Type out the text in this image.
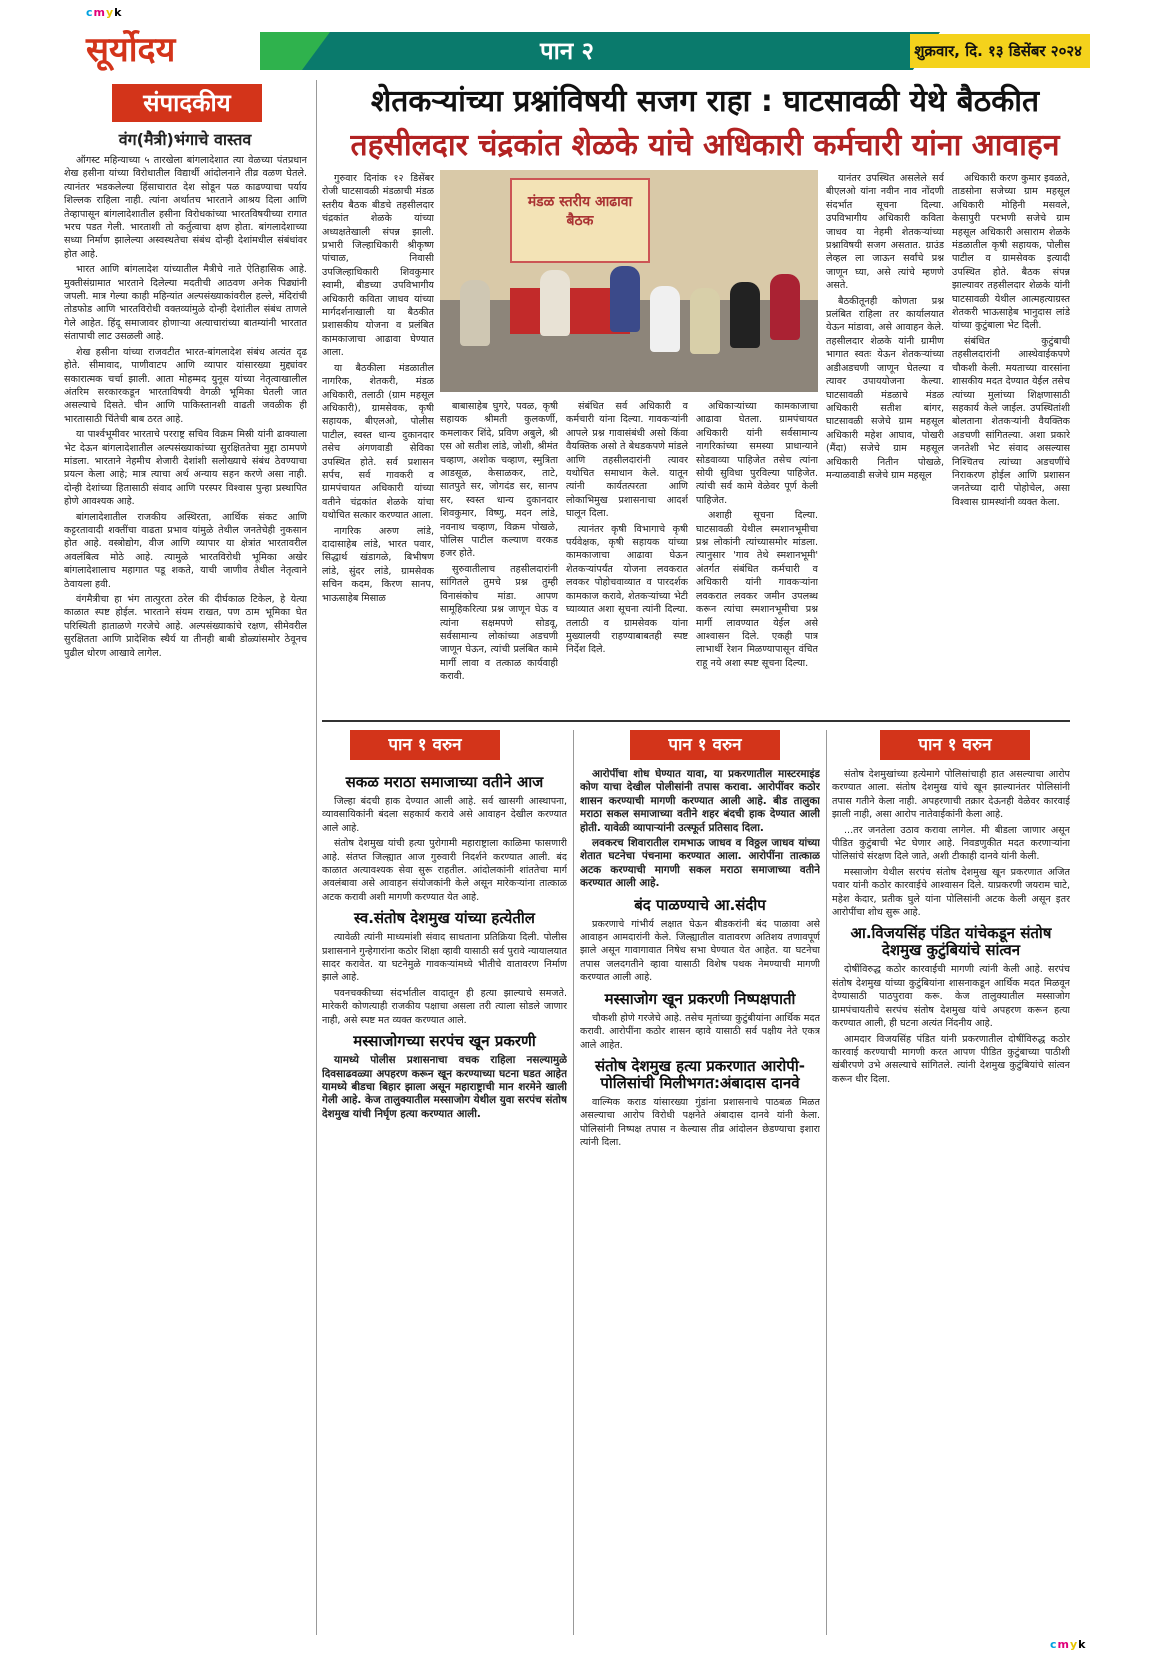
cmyk
सूर्योदय	पान २	शुक्रवार, दि. १३ डिसेंबर २०२४
संपादकीय
वंग(मैत्री)भंगाचे वास्तव

ऑगस्ट महिन्याच्या ५ तारखेला बांगलादेशात त्या वेळच्या पंतप्रधान शेख हसीना यांच्या विरोधातील विद्यार्थी आंदोलनाने तीव्र वळण घेतले. त्यानंतर भडकलेल्या हिंसाचारात देश सोडून पळ काढण्याचा पर्याय शिल्लक राहिला नाही. त्यांना अर्थातच भारताने आश्रय दिला आणि तेव्हापासून बांगलादेशातील हसीना विरोधकांच्या भारतविषयीच्या रागात भरच पडत गेली. भारताशी तो कर्तुत्वाचा क्षण होता. बांगलादेशाच्या सध्या निर्माण झालेल्या अस्वस्थतेचा संबंध दोन्ही देशांमधील संबंधांवर होत आहे.

भारत आणि बांगलादेश यांच्यातील मैत्रीचे नाते ऐतिहासिक आहे. मुक्तीसंग्रामात भारताने दिलेल्या मदतीची आठवण अनेक पिढ्यांनी जपली. मात्र गेल्या काही महिन्यांत अल्पसंख्याकांवरील हल्ले, मंदिरांची तोडफोड आणि भारतविरोधी वक्तव्यांमुळे दोन्ही देशांतील संबंध ताणले गेले आहेत. हिंदू समाजावर होणाऱ्या अत्याचारांच्या बातम्यांनी भारतात संतापाची लाट उसळली आहे.

शेख हसीना यांच्या राजवटीत भारत-बांगलादेश संबंध अत्यंत दृढ होते. सीमावाद, पाणीवाटप आणि व्यापार यांसारख्या मुद्द्यांवर सकारात्मक चर्चा झाली. आता मोहम्मद युनूस यांच्या नेतृत्वाखालील अंतरिम सरकारकडून भारताविषयी वेगळी भूमिका घेतली जात असल्याचे दिसते. चीन आणि पाकिस्तानशी वाढती जवळीक ही भारतासाठी चिंतेची बाब ठरत आहे.

या पार्श्वभूमीवर भारताचे परराष्ट्र सचिव विक्रम मिस्री यांनी ढाक्याला भेट देऊन बांगलादेशातील अल्पसंख्याकांच्या सुरक्षिततेचा मुद्दा ठामपणे मांडला. भारताने नेहमीच शेजारी देशांशी सलोख्याचे संबंध ठेवण्याचा प्रयत्न केला आहे; मात्र त्याचा अर्थ अन्याय सहन करणे असा नाही. दोन्ही देशांच्या हितासाठी संवाद आणि परस्पर विश्वास पुन्हा प्रस्थापित होणे आवश्यक आहे.

बांगलादेशातील राजकीय अस्थिरता, आर्थिक संकट आणि कट्टरतावादी शक्तींचा वाढता प्रभाव यांमुळे तेथील जनतेचेही नुकसान होत आहे. वस्त्रोद्योग, वीज आणि व्यापार या क्षेत्रांत भारतावरील अवलंबित्व मोठे आहे. त्यामुळे भारतविरोधी भूमिका अखेर बांगलादेशालाच महागात पडू शकते, याची जाणीव तेथील नेतृत्वाने ठेवायला हवी.

वंगमैत्रीचा हा भंग तात्पुरता ठरेल की दीर्घकाळ टिकेल, हे येत्या काळात स्पष्ट होईल. भारताने संयम राखत, पण ठाम भूमिका घेत परिस्थिती हाताळणे गरजेचे आहे. अल्पसंख्याकांचे रक्षण, सीमेवरील सुरक्षितता आणि प्रादेशिक स्थैर्य या तीनही बाबी डोळ्यांसमोर ठेवूनच पुढील धोरण आखावे लागेल.

शेतकऱ्यांच्या प्रश्नांविषयी सजग राहा : घाटसावळी येथे बैठकीत
तहसीलदार चंद्रकांत शेळके यांचे अधिकारी कर्मचारी यांना आवाहन

गुरुवार दिनांक १२ डिसेंबर रोजी घाटसावळी मंडळाची मंडळ स्तरीय बैठक बीडचे तहसीलदार चंद्रकांत शेळके यांच्या अध्यक्षतेखाली संपन्न झाली. प्रभारी जिल्हाधिकारी श्रीकृष्ण पांचाळ, निवासी उपजिल्हाधिकारी शिवकुमार स्वामी, बीडच्या उपविभागीय अधिकारी कविता जाधव यांच्या मार्गदर्शनाखाली या बैठकीत प्रशासकीय योजना व प्रलंबित कामकाजाचा आढावा घेण्यात आला.

या बैठकीला मंडळातील नागरिक, शेतकरी, मंडळ अधिकारी, तलाठी (ग्राम महसूल अधिकारी), ग्रामसेवक, कृषी सहायक, बीएलओ, पोलीस पाटील, स्वस्त धान्य दुकानदार तसेच अंगणवाडी सेविका उपस्थित होते. सर्व प्रशासन सर्पच, सर्व गावकरी व ग्रामपंचायत अधिकारी यांच्या वतीने चंद्रकांत शेळके यांचा यथोचित सत्कार करण्यात आला.

नागरिक अरुण लांडे, दादासाहेब लांडे, भारत पवार, सिद्धार्थ खंडागळे, बिभीषण लांडे, सुंदर लांडे, ग्रामसेवक सचिन कदम, किरण सानप, भाऊसाहेब मिसाळ

मंडळ स्तरीय आढावा बैठक

बाबासाहेब घुगरे, पवळ, कृषी सहायक श्रीमती कुलकर्णी, कमलाकर शिंदे, प्रविण अबुले, श्री एस ओ सतीश लांडे, जोशी, श्रीमंत चव्हाण, अशोक चव्हाण, स्मुत्रिता आडसूळ, केसाळकर, ताटे, सातपुते सर, जोगदंड सर, सानप सर, स्वस्त धान्य दुकानदार शिवकुमार, विष्णु, मदन लांडे, नवनाथ चव्हाण, विक्रम पोखळे, पोलिस पाटील कल्याण वरकड हजर होते.

सुरुवातीलाच तहसीलदारांनी सांगितले तुमचे प्रश्न तुम्ही विनासंकोच मांडा. आपण सामूहिकरित्या प्रश्न जाणून घेऊ व त्यांना सक्षमपणे सोडवू, सर्वसामान्य लोकांच्या अडचणी जाणून घेऊन, त्यांची प्रलंबित कामे मार्गी लावा व तत्काळ कार्यवाही करावी.

संबंधित सर्व अधिकारी व कर्मचारी यांना दिल्या. गावकऱ्यांनी आपले प्रश्न गावासंबंधी असो किंवा वैयक्तिक असो ते बेधडकपणे मांडले आणि तहसीलदारांनी त्यावर यथोचित समाधान केले. यातून त्यांनी कार्यतत्परता आणि लोकाभिमुख प्रशासनाचा आदर्श घालून दिला.

त्यानंतर कृषी विभागाचे कृषी पर्यवेक्षक, कृषी सहायक यांच्या कामकाजाचा आढावा घेऊन शेतकऱ्यांपर्यंत योजना लवकरात लवकर पोहोचवाव्यात व पारदर्शक कामकाज करावे, शेतकऱ्यांच्या भेटी घ्याव्यात अशा सूचना त्यांनी दिल्या. तलाठी व ग्रामसेवक यांना मुख्यालयी राहण्याबाबतही स्पष्ट निर्देश दिले.

अधिकाऱ्यांच्या कामकाजाचा आढावा घेतला. ग्रामपंचायत अधिकारी यांनी सर्वसामान्य नागरिकांच्या समस्या प्राधान्याने सोडवाव्या पाहिजेत तसेच त्यांना सोयी सुविधा पुरविल्या पाहिजेत. त्यांची सर्व कामे वेळेवर पूर्ण केली पाहिजेत.

अशाही सूचना दिल्या. घाटसावळी येथील स्मशानभूमीचा प्रश्न लोकांनी त्यांच्यासमोर मांडला. त्यानुसार 'गाव तेथे स्मशानभूमी' अंतर्गत संबंधित कर्मचारी व अधिकारी यांनी गावकऱ्यांना लवकरात लवकर जमीन उपलब्ध करून त्यांचा स्मशानभूमीचा प्रश्न मार्गी लावण्यात येईल असे आश्वासन दिले. एकही पात्र लाभार्थी रेशन मिळण्यापासून वंचित राहू नये अशा स्पष्ट सूचना दिल्या.

यानंतर उपस्थित असलेले सर्व बीएलओ यांना नवीन नाव नोंदणी संदर्भात सूचना दिल्या. उपविभागीय अधिकारी कविता जाधव या नेहमी शेतकऱ्यांच्या प्रश्नाविषयी सजग असतात. ग्राउंड लेव्हल ला जाऊन सर्वांचे प्रश्न जाणून घ्या, असे त्यांचे म्हणणे असते.

बैठकीतूनही कोणता प्रश्न प्रलंबित राहिला तर कार्यालयात येऊन मांडावा, असे आवाहन केले. तहसीलदार शेळके यांनी ग्रामीण भागात स्वतः येऊन शेतकऱ्यांच्या अडीअडचणी जाणून घेतल्या व त्यावर उपाययोजना केल्या. घाटसावळी मंडळाचे मंडळ अधिकारी सतीश बांगर, घाटसावळी सजेचे ग्राम महसूल अधिकारी महेश आघाव, पोखरी (मैंदा) सजेचे ग्राम महसूल अधिकारी नितीन पोखळे, मन्याळवाडी सजेचे ग्राम महसूल

अधिकारी करण कुमार इवळते, ताडसोना सजेच्या ग्राम महसूल अधिकारी मोहिनी मसवले, केसापुरी परभणी सजेचे ग्राम महसूल अधिकारी असाराम शेळके मंडळातील कृषी सहायक, पोलीस पाटील व ग्रामसेवक इत्यादी उपस्थित होते. बैठक संपन्न झाल्यावर तहसीलदार शेळके यांनी घाटसावळी येथील आत्महत्याग्रस्त शेतकरी भाऊसाहेब भानुदास लांडे यांच्या कुटुंबाला भेट दिली.

संबंधित कुटुंबाची तहसीलदारांनी आस्थेवाईकपणे चौकशी केली. मयताच्या वारसांना शासकीय मदत देण्यात येईल तसेच त्यांच्या मुलांच्या शिक्षणासाठी सहकार्य केले जाईल. उपस्थितांशी बोलताना शेतकऱ्यांनी वैयक्तिक अडचणी सांगितल्या. अशा प्रकारे जनतेशी भेट संवाद असल्यास निश्चितच त्यांच्या अडचणींचे निराकरण होईल आणि प्रशासन जनतेच्या दारी पोहोचेल, असा विश्वास ग्रामस्थांनी व्यक्त केला.

पान १ वरुन	पान १ वरुन	पान १ वरुन
सकळ मराठा समाजाच्या वतीने आज

जिल्हा बंदची हाक देण्यात आली आहे. सर्व खासगी आस्थापना, व्यावसायिकांनी बंदला सहकार्य करावे असे आवाहन देखील करण्यात आले आहे.

संतोष देशमुख यांची हत्या पुरोगामी महाराष्ट्राला काळिमा फासणारी आहे. संतप्त जिल्ह्यात आज गुरुवारी निदर्शने करण्यात आली. बंद काळात अत्यावश्यक सेवा सुरू राहतील. आंदोलकांनी शांततेचा मार्ग अवलंबावा असे आवाहन संयोजकांनी केले असून मारेकऱ्यांना तात्काळ अटक करावी अशी मागणी करण्यात येत आहे.

स्व.संतोष देशमुख यांच्या हत्येतील

त्यावेळी त्यांनी माध्यमांशी संवाद साधताना प्रतिक्रिया दिली. पोलीस प्रशासनाने गुन्हेगारांना कठोर शिक्षा व्हावी यासाठी सर्व पुरावे न्यायालयात सादर करावेत. या घटनेमुळे गावकऱ्यांमध्ये भीतीचे वातावरण निर्माण झाले आहे.

पवनचक्कीच्या संदर्भातील वादातून ही हत्या झाल्याचे समजते. मारेकरी कोणत्याही राजकीय पक्षाचा असला तरी त्याला सोडले जाणार नाही, असे स्पष्ट मत व्यक्त करण्यात आले.

मस्साजोगच्या सरपंच खून प्रकरणी

यामध्ये पोलीस प्रशासनाचा वचक राहिला नसल्यामुळे दिवसाढवळ्या अपहरण करून खून करण्याच्या घटना घडत आहेत यामध्ये बीडचा बिहार झाला असून महाराष्ट्राची मान शरमेने खाली गेली आहे. केज तालुक्यातील मस्साजोग येथील युवा सरपंच संतोष देशमुख यांची निर्घृण हत्या करण्यात आली.

आरोपींचा शोध घेण्यात यावा, या प्रकरणातील मास्टरमाइंड कोण याचा देखील पोलीसांनी तपास करावा. आरोपींवर कठोर शासन करण्याची मागणी करण्यात आली आहे. बीड तालुका मराठा सकल समाजाच्या वतीने शहर बंदची हाक देण्यात आली होती. यावेळी व्यापाऱ्यांनी उत्स्फूर्त प्रतिसाद दिला.

लवकरच शिवारातील रामभाऊ जाधव व विठ्ठल जाधव यांच्या शेतात घटनेचा पंचनामा करण्यात आला. आरोपींना तात्काळ अटक करण्याची मागणी सकल मराठा समाजाच्या वतीने करण्यात आली आहे.

बंद पाळण्याचे आ.संदीप

प्रकरणाचे गांभीर्य लक्षात घेऊन बीडकरांनी बंद पाळावा असे आवाहन आमदारांनी केले. जिल्ह्यातील वातावरण अतिशय तणावपूर्ण झाले असून गावागावात निषेध सभा घेण्यात येत आहेत. या घटनेचा तपास जलदगतीने व्हावा यासाठी विशेष पथक नेमण्याची मागणी करण्यात आली आहे.

मस्साजोग खून प्रकरणी निष्पक्षपाती

चौकशी होणे गरजेचे आहे. तसेच मृतांच्या कुटुंबीयांना आर्थिक मदत करावी. आरोपींना कठोर शासन व्हावे यासाठी सर्व पक्षीय नेते एकत्र आले आहेत.

संतोष देशमुख हत्या प्रकरणात आरोपी-पोलिसांची मिलीभगत:अंबादास दानवे

वाल्मिक कराड यांसारख्या गुंडांना प्रशासनाचे पाठबळ मिळत असल्याचा आरोप विरोधी पक्षनेते अंबादास दानवे यांनी केला. पोलिसांनी निष्पक्ष तपास न केल्यास तीव्र आंदोलन छेडण्याचा इशारा त्यांनी दिला.

संतोष देशमुखांच्या हत्येमागे पोलिसांचाही हात असल्याचा आरोप करण्यात आला. संतोष देशमुख यांचे खून झाल्यानंतर पोलिसांनी तपास गतीने केला नाही. अपहरणाची तक्रार देऊनही वेळेवर कारवाई झाली नाही, असा आरोप नातेवाईकांनी केला आहे.

...तर जनतेला उठाव करावा लागेल. मी बीडला जाणार असून पीडित कुटुंबाची भेट घेणार आहे. निवडणुकीत मदत करणाऱ्यांना पोलिसांचे संरक्षण दिले जाते, अशी टीकाही दानवे यांनी केली.

मस्साजोग येथील सरपंच संतोष देशमुख खून प्रकरणात अजित पवार यांनी कठोर कारवाईचे आश्वासन दिले. याप्रकरणी जयराम चाटे, महेश केदार, प्रतीक घुले यांना पोलिसांनी अटक केली असून इतर आरोपींचा शोध सुरू आहे.

आ.विजयसिंह पंडित यांचेकडून संतोष देशमुख कुटुंबियांचे सांत्वन

दोषींविरुद्ध कठोर कारवाईची मागणी त्यांनी केली आहे. सरपंच संतोष देशमुख यांच्या कुटुंबियांना शासनाकडून आर्थिक मदत मिळवून देण्यासाठी पाठपुरावा करू. केज तालुक्यातील मस्साजोग ग्रामपंचायतीचे सरपंच संतोष देशमुख यांचे अपहरण करून हत्या करण्यात आली, ही घटना अत्यंत निंदनीय आहे.

आमदार विजयसिंह पंडित यांनी प्रकरणातील दोषींविरुद्ध कठोर कारवाई करण्याची मागणी करत आपण पीडित कुटुंबाच्या पाठीशी खंबीरपणे उभे असल्याचे सांगितले. त्यांनी देशमुख कुटुंबियांचे सांत्वन करून धीर दिला.

cmyk
